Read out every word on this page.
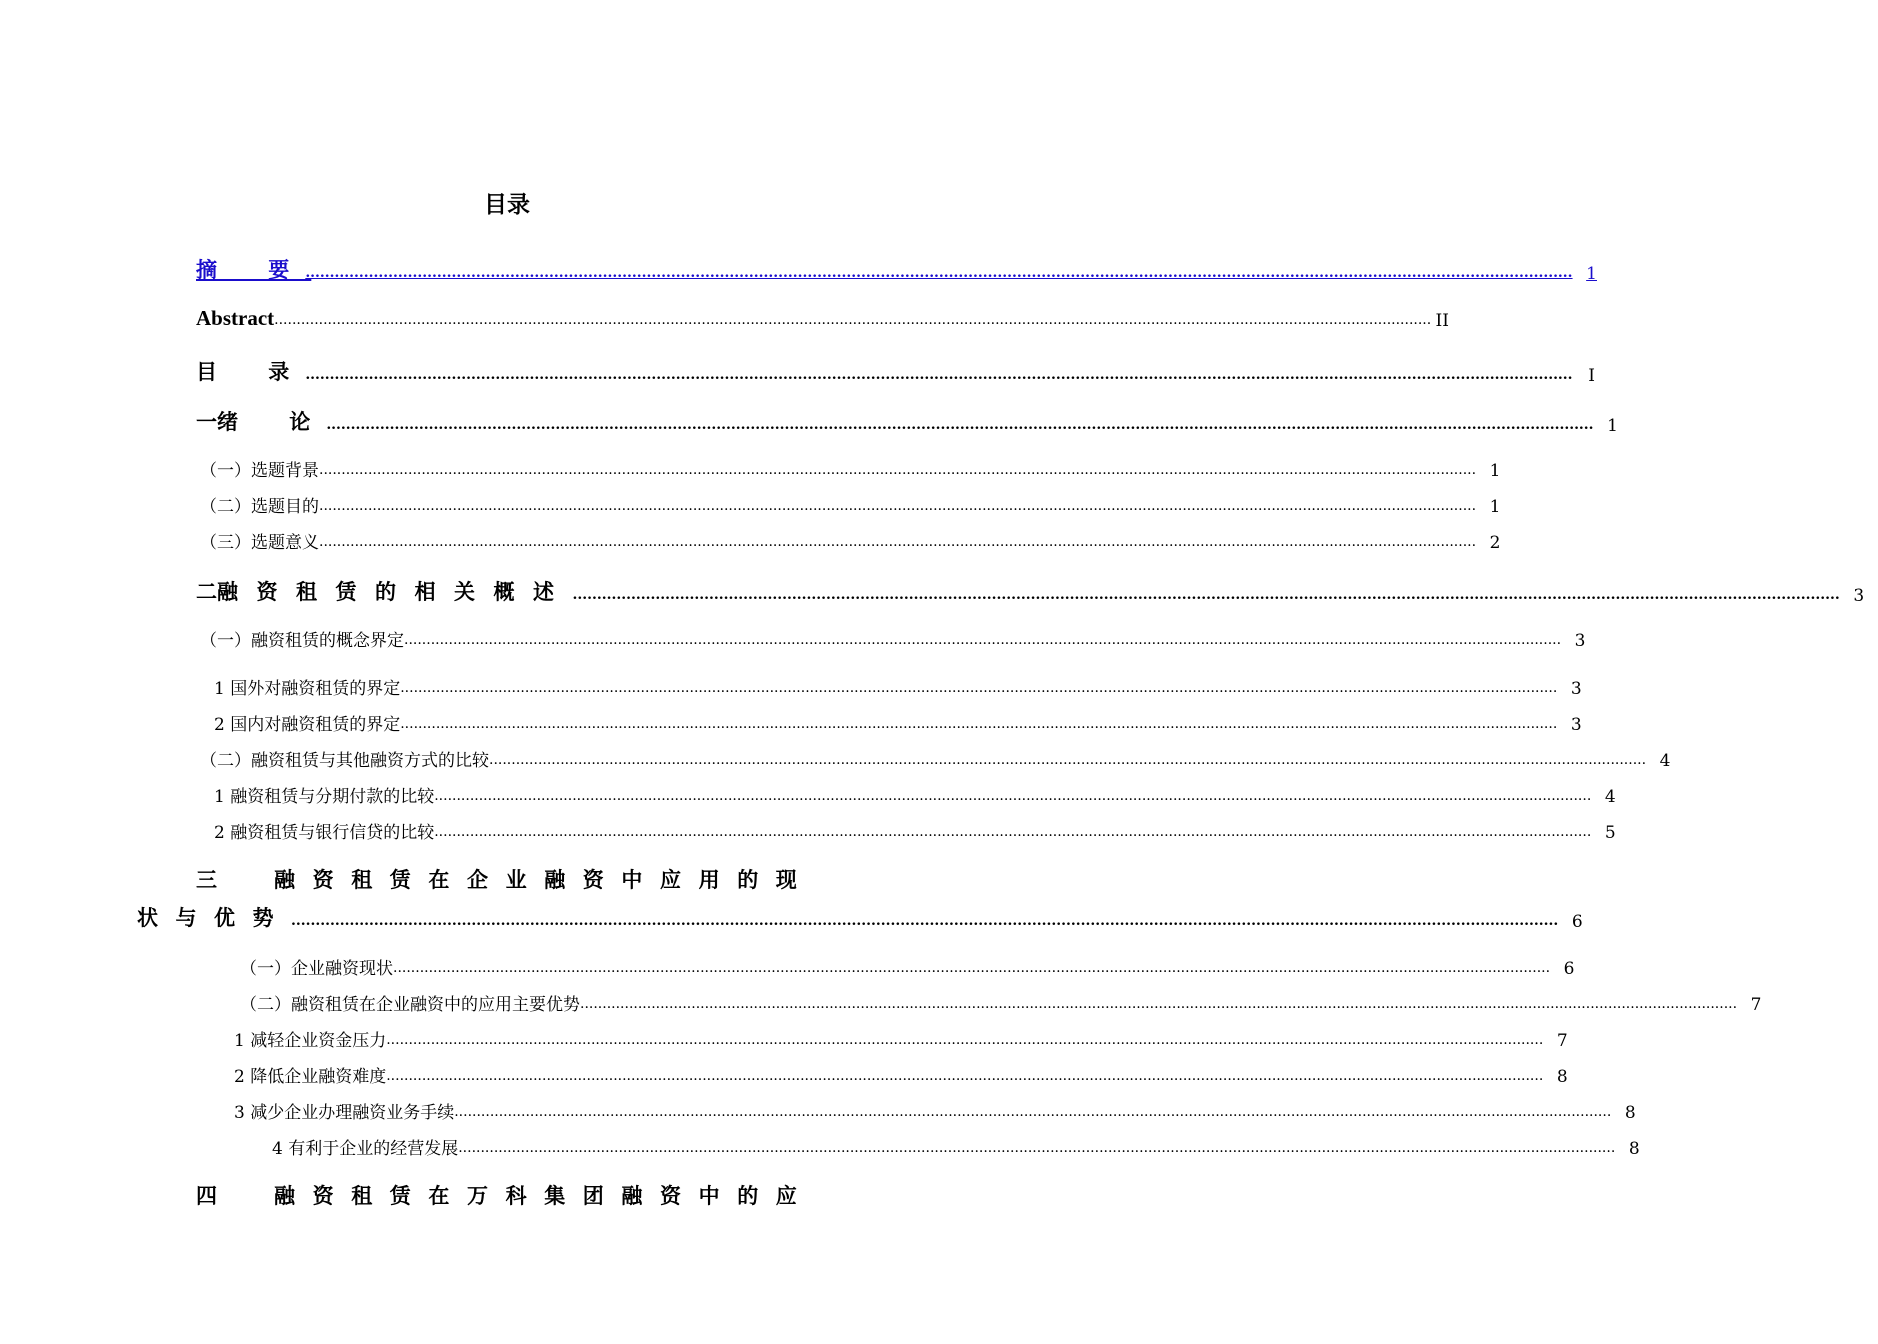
目录
摘 要
.................................................................................................................................................................................................................................................................... 1
Abstract .................................................................................................................................................................................................................................................................... II
目 录
.................................................................................................................................................................................................................................................................... I
一 绪 论
.................................................................................................................................................................................................................................................................... 1
（一）选题背景 .................................................................................................................................................................................................................................................................... 1
（二）选题目的 .................................................................................................................................................................................................................................................................... 1
（三）选题意义 .................................................................................................................................................................................................................................................................... 2
二 融资租赁的相关概述 .................................................................................................................................................................................................................................................................... 3
（一）融资租赁的概念界定 .................................................................................................................................................................................................................................................................... 3
1 国外对融资租赁的界定 .................................................................................................................................................................................................................................................................... 3
2 国内对融资租赁的界定 .................................................................................................................................................................................................................................................................... 3
（二）融资租赁与其他融资方式的比较 .................................................................................................................................................................................................................................................................... 4
1 融资租赁与分期付款的比较 .................................................................................................................................................................................................................................................................... 4
2 融资租赁与银行信贷的比较 .................................................................................................................................................................................................................................................................... 5
三	融资租赁在企业融资中应用的现
状与优势 .................................................................................................................................................................................................................................................................... 6
（一）企业融资现状 .................................................................................................................................................................................................................................................................... 6
（二）融资租赁在企业融资中的应用主要优势 .................................................................................................................................................................................................................................................................... 7
1 减轻企业资金压力 .................................................................................................................................................................................................................................................................... 7
2 降低企业融资难度 .................................................................................................................................................................................................................................................................... 8
3 减少企业办理融资业务手续 .................................................................................................................................................................................................................................................................... 8
4 有利于企业的经营发展 .................................................................................................................................................................................................................................................................... 8
四	融资租赁在万科集团融资中的应
